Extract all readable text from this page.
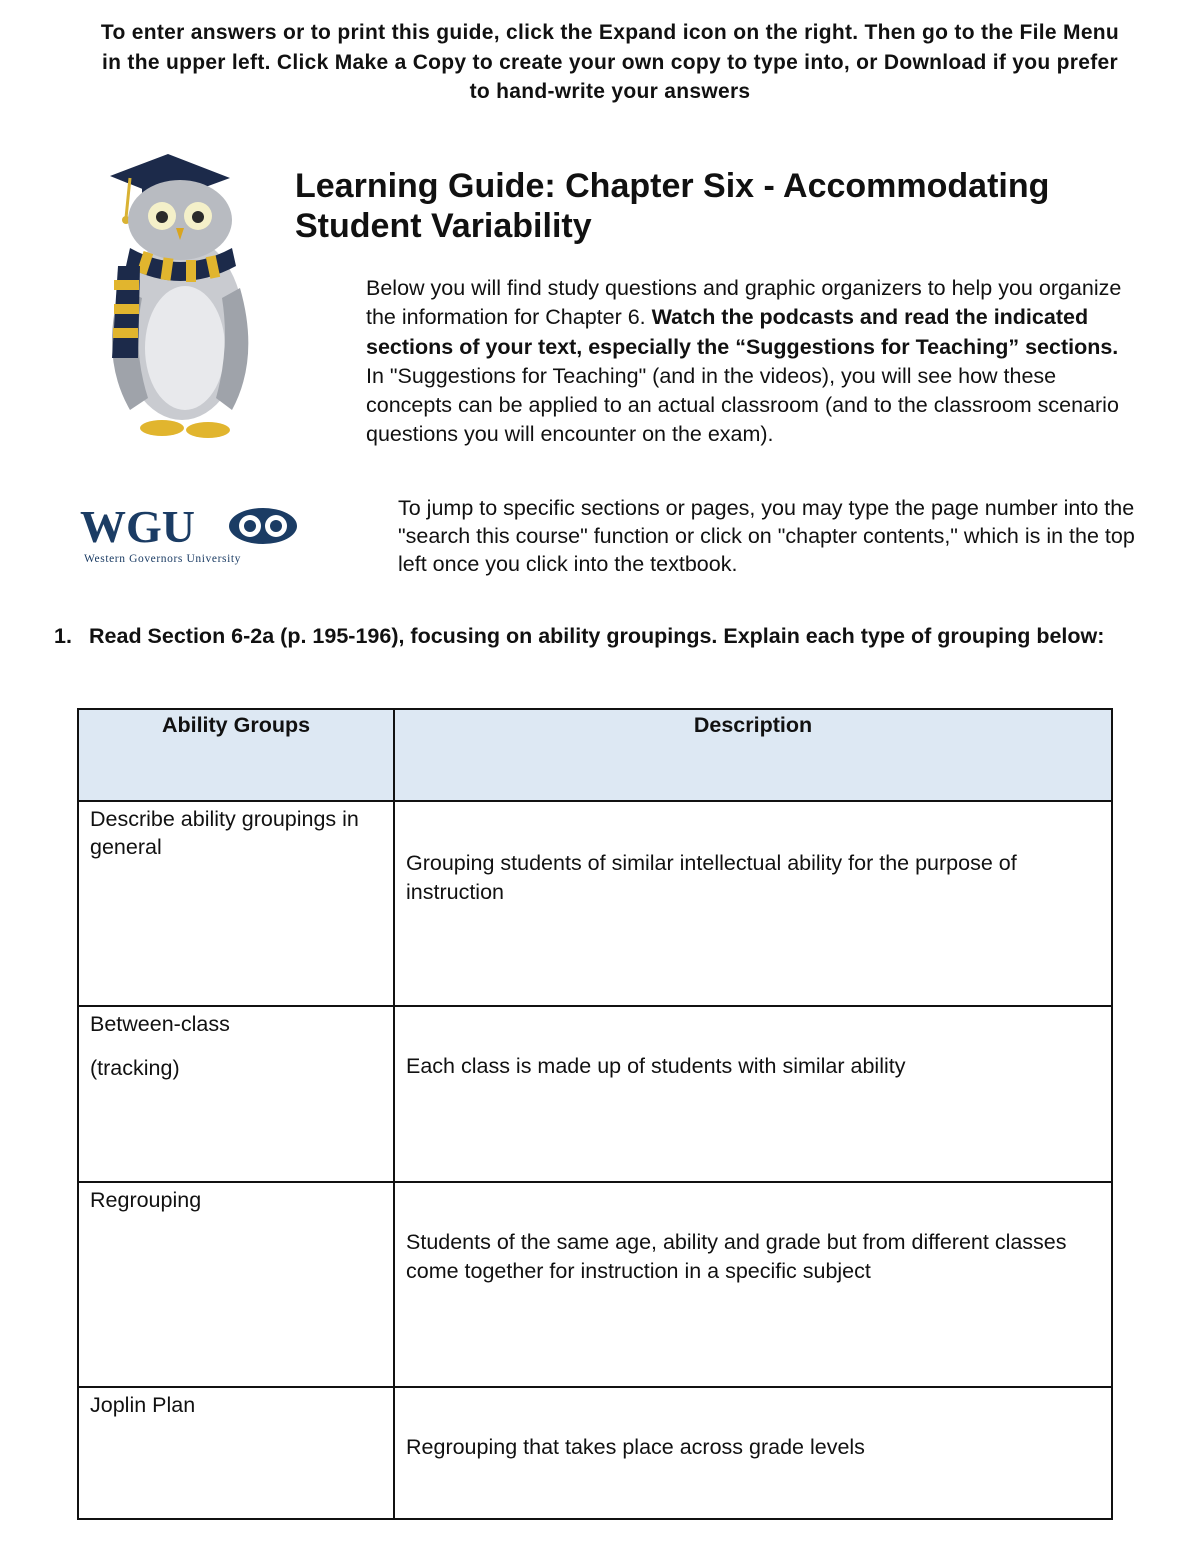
To enter answers or to print this guide, click the Expand icon on the right. Then go to the File Menu in the upper left. Click Make a Copy to create your own copy to type into, or Download if you prefer to hand-write your answers
WGU
Western Governors University
Learning Guide: Chapter Six - Accommodating Student Variability

Below you will find study questions and graphic organizers to help you organize the information for Chapter 6. Watch the podcasts and read the indicated sections of your text, especially the “Suggestions for Teaching” sections. In "Suggestions for Teaching" (and in the videos), you will see how these concepts can be applied to an actual classroom (and to the classroom scenario questions you will encounter on the exam).

To jump to specific sections or pages, you may type the page number into the "search this course" function or click on "chapter contents," which is in the top left once you click into the textbook.

1. Read Section 6-2a (p. 195-196), focusing on ability groupings. Explain each type of grouping below:
Ability Groups	Description
Describe ability groupings in general	Grouping students of similar intellectual ability for the purpose of instruction

Between-class
(tracking)	Each class is made up of students with similar ability

Regrouping	Students of the same age, ability and grade but from different classes come together for instruction in a specific subject

Joplin Plan	Regrouping that takes place across grade levels
